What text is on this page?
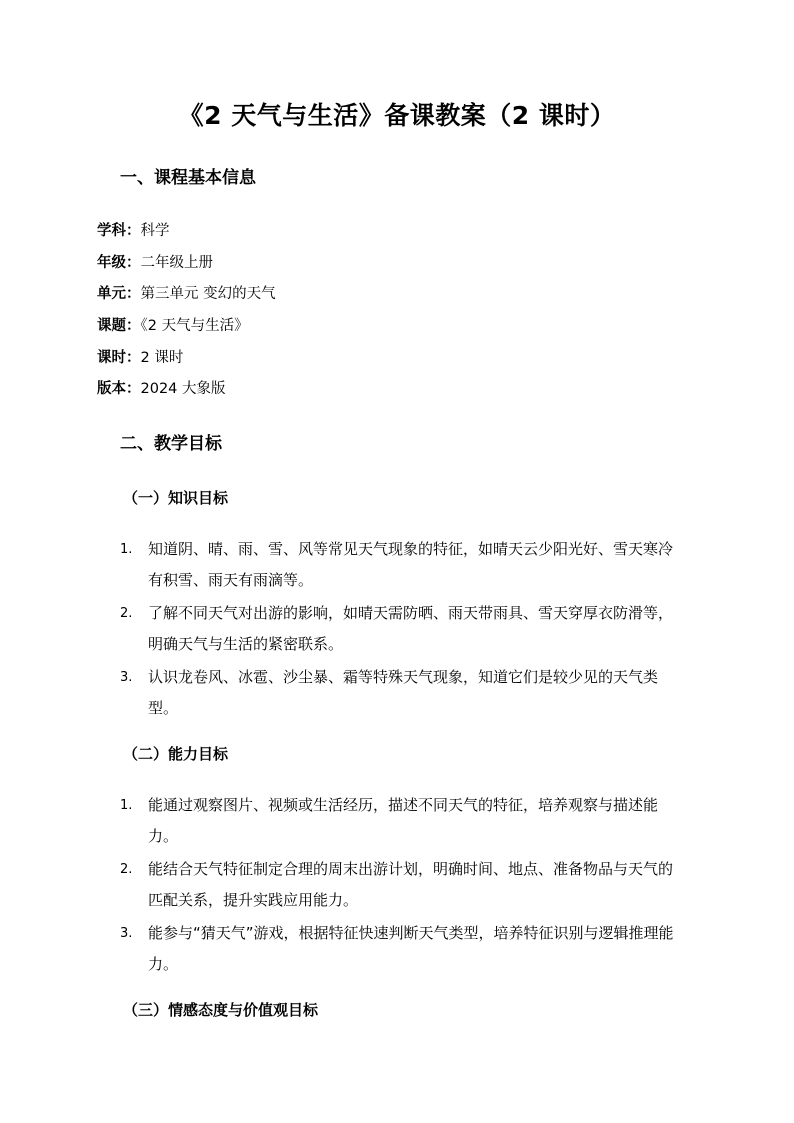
《2 天气与生活》备课教案（2 课时）
一、课程基本信息
学科：科学
年级：二年级上册
单元：第三单元 变幻的天气
课题：《2 天气与生活》
课时：2 课时
版本：2024 大象版
二、教学目标
（一）知识目标
1. 知道阴、晴、雨、雪、风等常见天气现象的特征，如晴天云少阳光好、雪天寒冷有积雪、雨天有雨滴等。
2. 了解不同天气对出游的影响，如晴天需防晒、雨天带雨具、雪天穿厚衣防滑等，明确天气与生活的紧密联系。
3. 认识龙卷风、冰雹、沙尘暴、霜等特殊天气现象，知道它们是较少见的天气类型。
（二）能力目标
1. 能通过观察图片、视频或生活经历，描述不同天气的特征，培养观察与描述能力。
2. 能结合天气特征制定合理的周末出游计划，明确时间、地点、准备物品与天气的匹配关系，提升实践应用能力。
3. 能参与“猜天气”游戏，根据特征快速判断天气类型，培养特征识别与逻辑推理能力。
（三）情感态度与价值观目标
